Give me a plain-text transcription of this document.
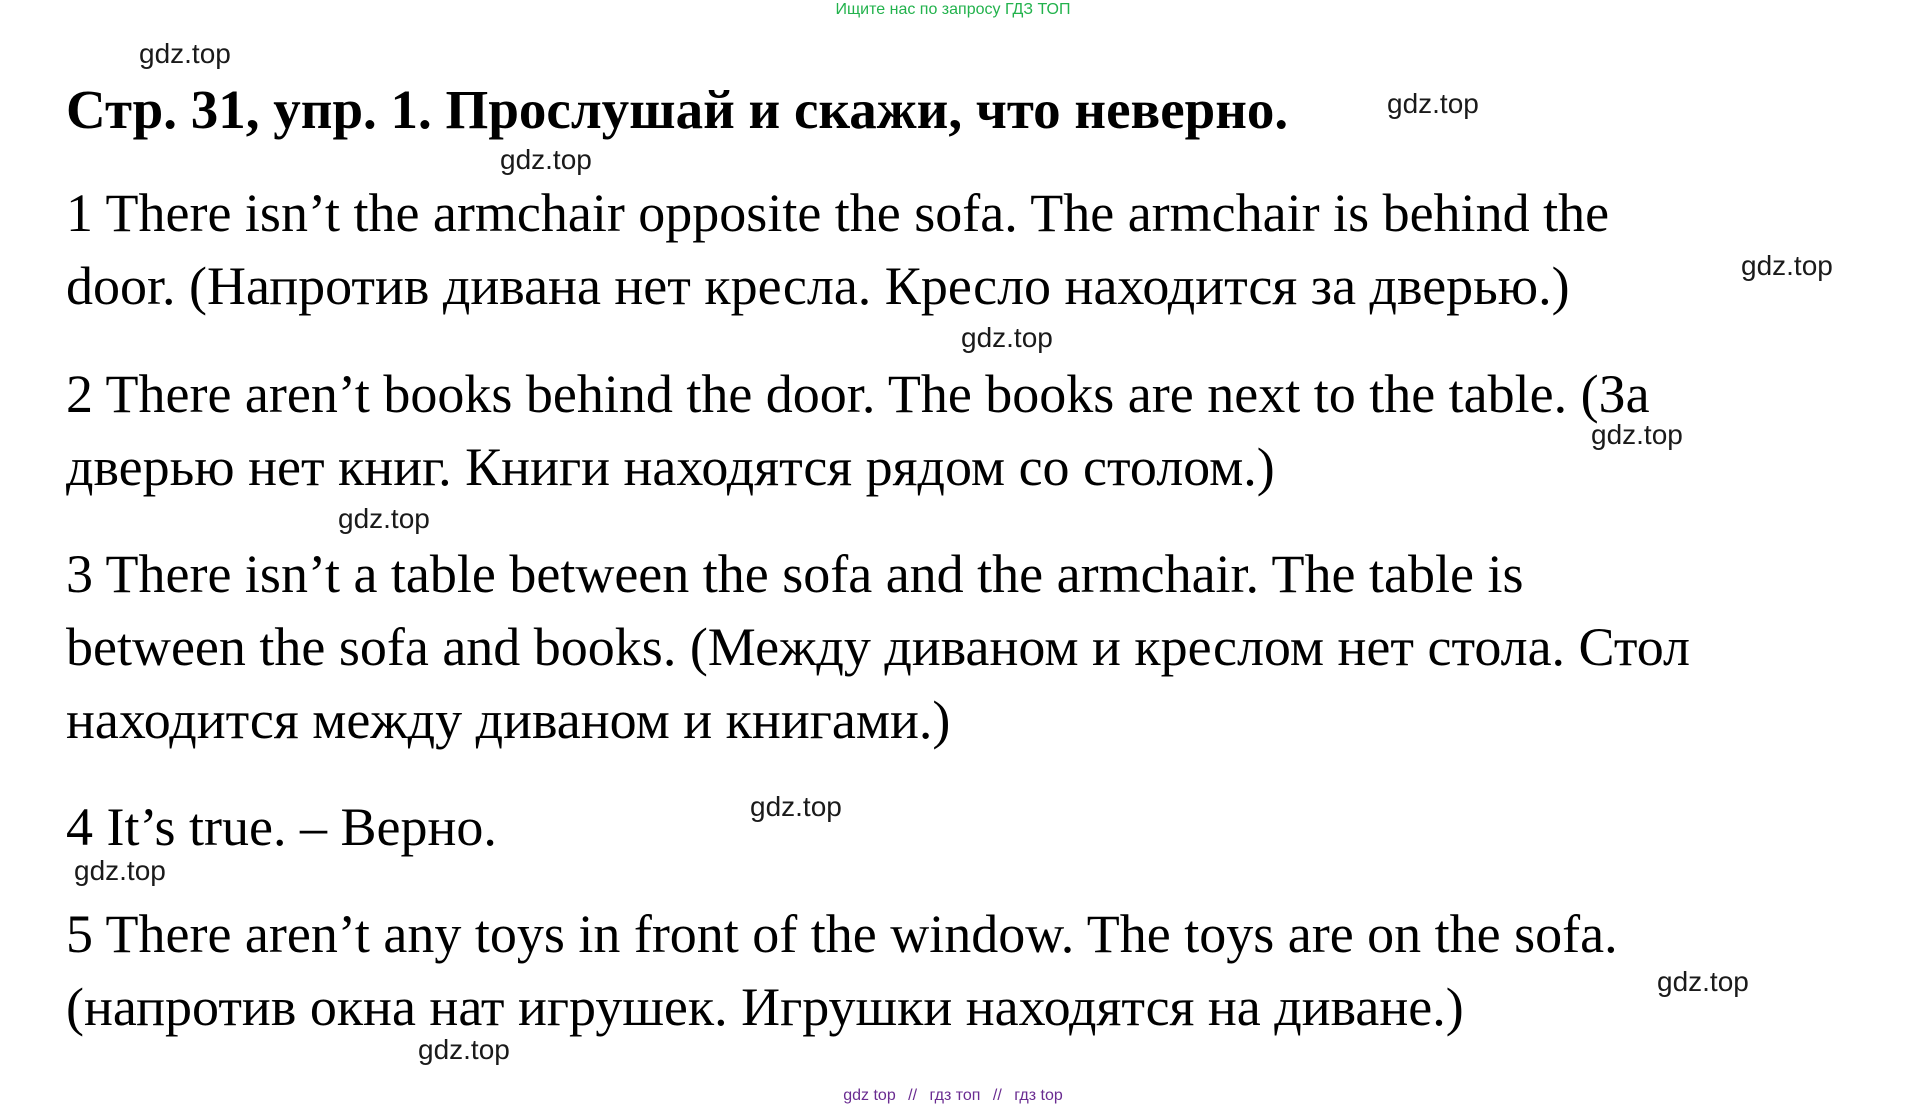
Ищите нас по запросу ГДЗ ТОП
gdz.top
Стр. 31, упр. 1. Прослушай и скажи, что неверно.	gdz.top
gdz.top
1 There isn’t the armchair opposite the sofa. The armchair is behind the
door. (Напротив дивана нет кресла. Кресло находится за дверью.)	gdz.top
gdz.top
2 There aren’t books behind the door. The books are next to the table. (За
дверью нет книг. Книги находятся рядом со столом.)
gdz.top
gdz.top
3 There isn’t a table between the sofa and the armchair. The table is
between the sofa and books. (Между диваном и креслом нет стола. Стол
находится между диваном и книгами.)
gdz.top
4 It’s true. – Верно.
gdz.top
5 There aren’t any toys in front of the window. The toys are on the sofa.
(напротив окна нат игрушек. Игрушки находятся на диване.)	gdz.top
gdz.top
gdz top // гдз топ // гдз top
